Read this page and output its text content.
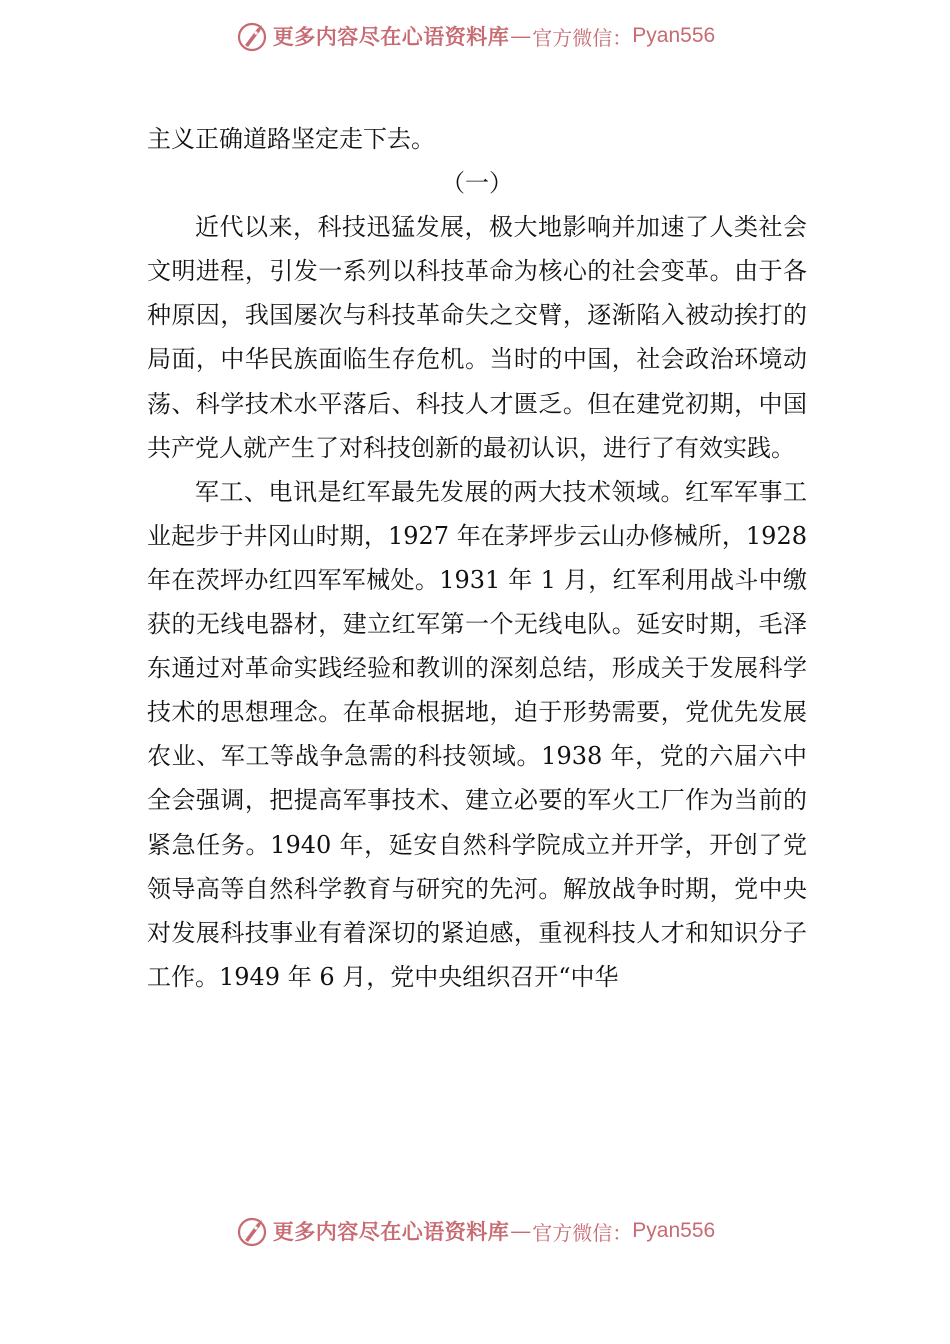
更多内容尽在心语资料库 — 官方微信： Pyan556

主义正确道路坚定走下去。

（一）

近代以来，科技迅猛发展，极大地影响并加速了人类社会文明进程，引发一系列以科技革命为核心的社会变革。由于各种原因，我国屡次与科技革命失之交臂，逐渐陷入被动挨打的局面，中华民族面临生存危机。当时的中国，社会政治环境动荡、科学技术水平落后、科技人才匮乏。但在建党初期，中国共产党人就产生了对科技创新的最初认识，进行了有效实践。

军工、电讯是红军最先发展的两大技术领域。红军军事工业起步于井冈山时期，1927 年在茅坪步云山办修械所，1928 年在茨坪办红四军军械处。1931 年 1 月，红军利用战斗中缴获的无线电器材，建立红军第一个无线电队。延安时期，毛泽东通过对革命实践经验和教训的深刻总结，形成关于发展科学技术的思想理念。在革命根据地，迫于形势需要，党优先发展农业、军工等战争急需的科技领域。1938 年，党的六届六中全会强调，把提高军事技术、建立必要的军火工厂作为当前的紧急任务。1940 年，延安自然科学院成立并开学，开创了党领导高等自然科学教育与研究的先河。解放战争时期，党中央对发展科技事业有着深切的紧迫感，重视科技人才和知识分子工作。1949 年 6 月，党中央组织召开“中华

更多内容尽在心语资料库 — 官方微信： Pyan556
